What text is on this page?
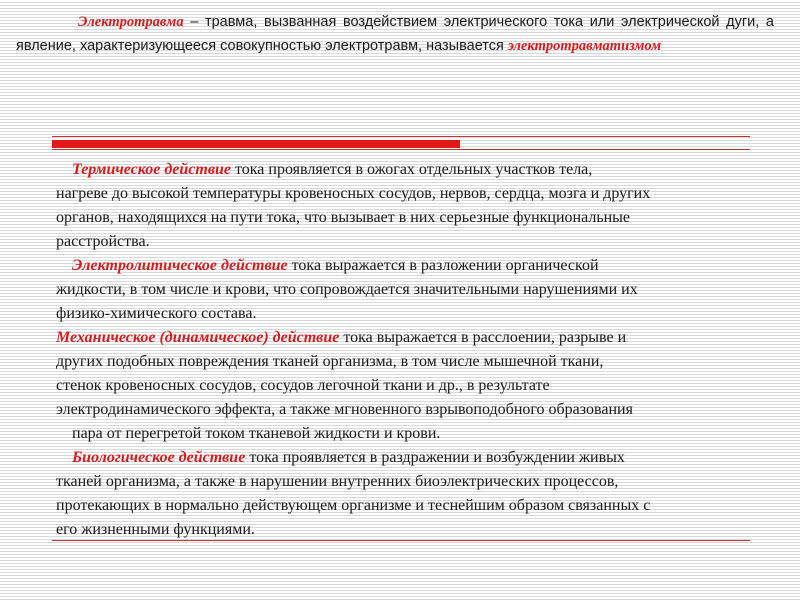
Электротравма – травма, вызванная воздействием электрического тока или электрической дуги, а явление, характеризующееся совокупностью электротравм, называется электротравматизмом

Термическое действие тока проявляется в ожогах отдельных участков тела,
нагреве до высокой температуры кровеносных сосудов, нервов, сердца, мозга и других
органов, находящихся на пути тока, что вызывает в них серьезные функциональные
расстройства.

Электролитическое действие тока выражается в разложении органической
жидкости, в том числе и крови, что сопровождается значительными нарушениями их
физико-химического состава.

Механическое (динамическое) действие тока выражается в расслоении, разрыве и
других подобных повреждения тканей организма, в том числе мышечной ткани,
стенок кровеносных сосудов, сосудов легочной ткани и др., в результате
электродинамического эффекта, а также мгновенного взрывоподобного образования
пара от перегретой током тканевой жидкости и крови.

Биологическое действие тока проявляется в раздражении и возбуждении живых
тканей организма, а также в нарушении внутренних биоэлектрических процессов,
протекающих в нормально действующем организме и теснейшим образом связанных с
его жизненными функциями.
